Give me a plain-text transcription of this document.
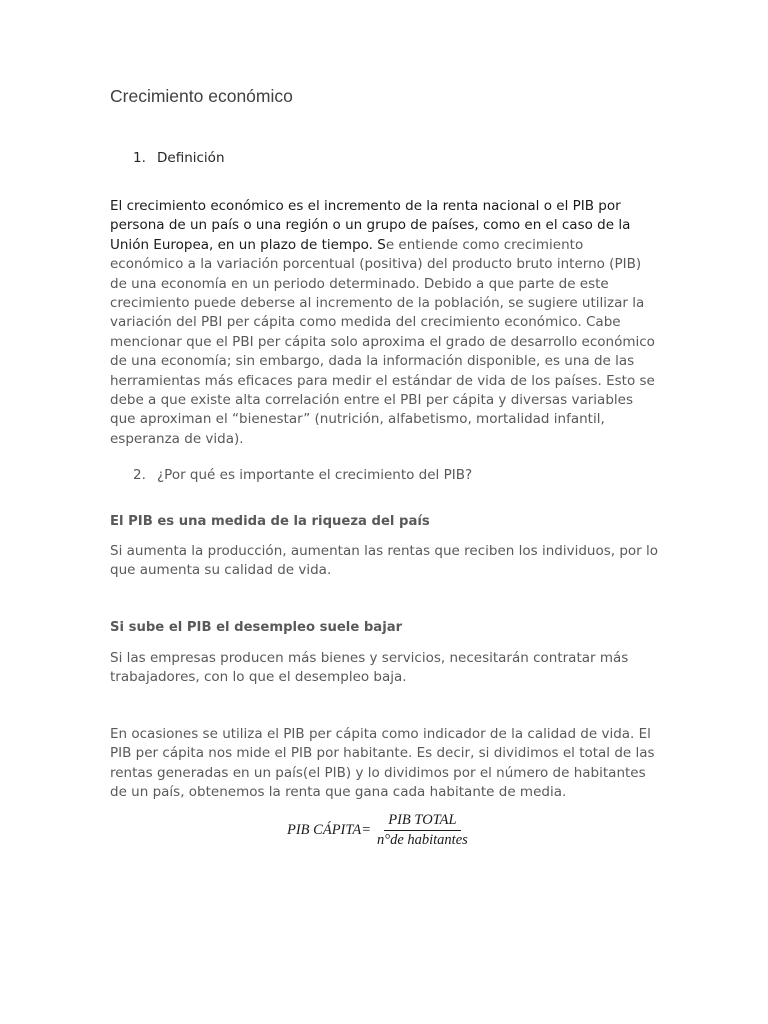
Crecimiento económico
1. Definición

El crecimiento económico es el incremento de la renta nacional o el PIB por persona de un país o una región o un grupo de países, como en el caso de la Unión Europea, en un plazo de tiempo. Se entiende como crecimiento económico a la variación porcentual (positiva) del producto bruto interno (PIB) de una economía en un periodo determinado. Debido a que parte de este crecimiento puede deberse al incremento de la población, se sugiere utilizar la variación del PBI per cápita como medida del crecimiento económico. Cabe mencionar que el PBI per cápita solo aproxima el grado de desarrollo económico de una economía; sin embargo, dada la información disponible, es una de las herramientas más eficaces para medir el estándar de vida de los países. Esto se debe a que existe alta correlación entre el PBI per cápita y diversas variables que aproximan el “bienestar” (nutrición, alfabetismo, mortalidad infantil, esperanza de vida).

2. ¿Por qué es importante el crecimiento del PIB?

El PIB es una medida de la riqueza del país

Si aumenta la producción, aumentan las rentas que reciben los individuos, por lo que aumenta su calidad de vida.

Si sube el PIB el desempleo suele bajar

Si las empresas producen más bienes y servicios, necesitarán contratar más trabajadores, con lo que el desempleo baja.

En ocasiones se utiliza el PIB per cápita como indicador de la calidad de vida. El PIB per cápita nos mide el PIB por habitante. Es decir, si dividimos el total de las rentas generadas en un país(el PIB) y lo dividimos por el número de habitantes de un país, obtenemos la renta que gana cada habitante de media.

PIB CÁPITA= $\frac{\text{PIB TOTAL}}{\text{n°de habitantes}}$
